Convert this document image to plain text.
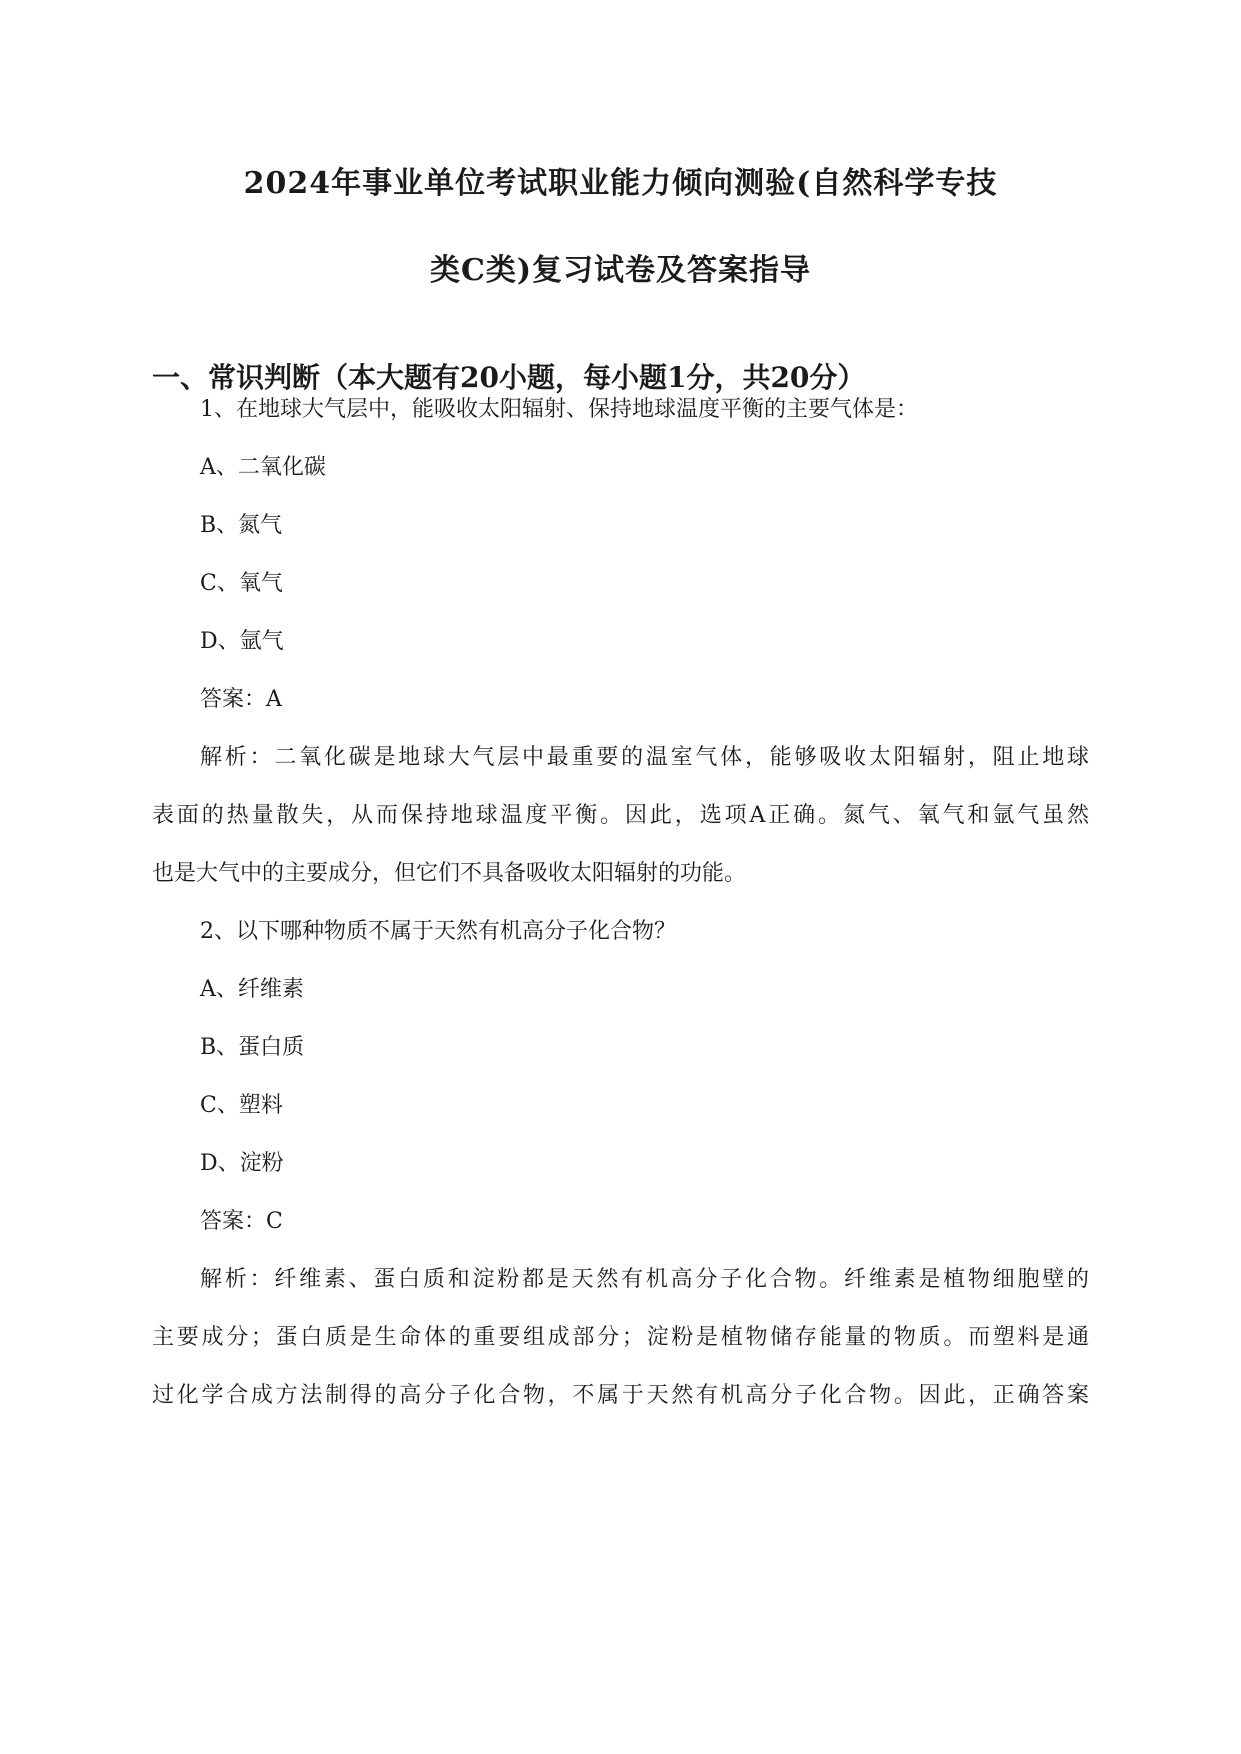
2024年事业单位考试职业能力倾向测验(自然科学专技
类C类)复习试卷及答案指导
一、常识判断（本大题有20小题，每小题1分，共20分）
1、在地球大气层中，能吸收太阳辐射、保持地球温度平衡的主要气体是：
A、二氧化碳
B、氮气
C、氧气
D、氩气
答案：A
解析：二氧化碳是地球大气层中最重要的温室气体，能够吸收太阳辐射，阻止地球
表面的热量散失，从而保持地球温度平衡。因此，选项A正确。氮气、氧气和氩气虽然
也是大气中的主要成分，但它们不具备吸收太阳辐射的功能。
2、以下哪种物质不属于天然有机高分子化合物？
A、纤维素
B、蛋白质
C、塑料
D、淀粉
答案：C
解析：纤维素、蛋白质和淀粉都是天然有机高分子化合物。纤维素是植物细胞壁的
主要成分；蛋白质是生命体的重要组成部分；淀粉是植物储存能量的物质。而塑料是通
过化学合成方法制得的高分子化合物，不属于天然有机高分子化合物。因此，正确答案
